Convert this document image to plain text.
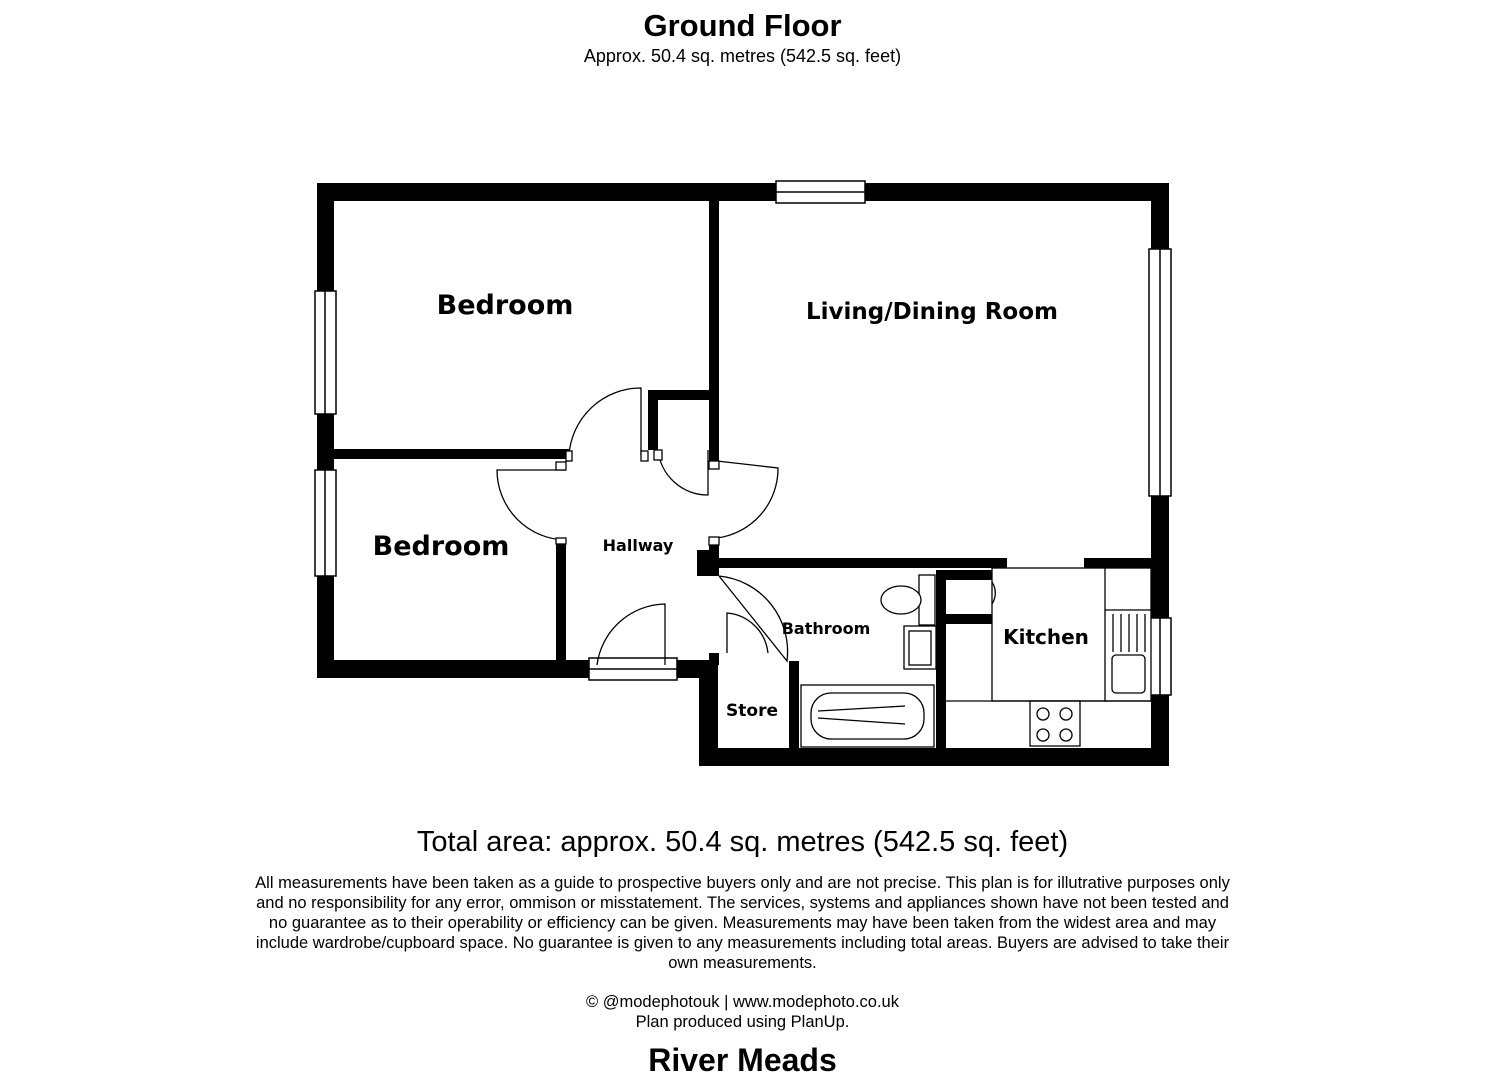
Ground Floor
Approx. 50.4 sq. metres (542.5 sq. feet)
Bedroom
Bedroom
Living/Dining Room
Hallway
Bathroom	Kitchen
Store
Total area: approx. 50.4 sq. metres (542.5 sq. feet)
All measurements have been taken as a guide to prospective buyers only and are not precise. This plan is for illutrative purposes only and no responsibility for any error, ommison or misstatement. The services, systems and appliances shown have not been tested and no guarantee as to their operability or efficiency can be given. Measurements may have been taken from the widest area and may include wardrobe/cupboard space. No guarantee is given to any measurements including total areas. Buyers are advised to take their own measurements.
© @modephotouk | www.modephoto.co.uk
Plan produced using PlanUp.
River Meads
